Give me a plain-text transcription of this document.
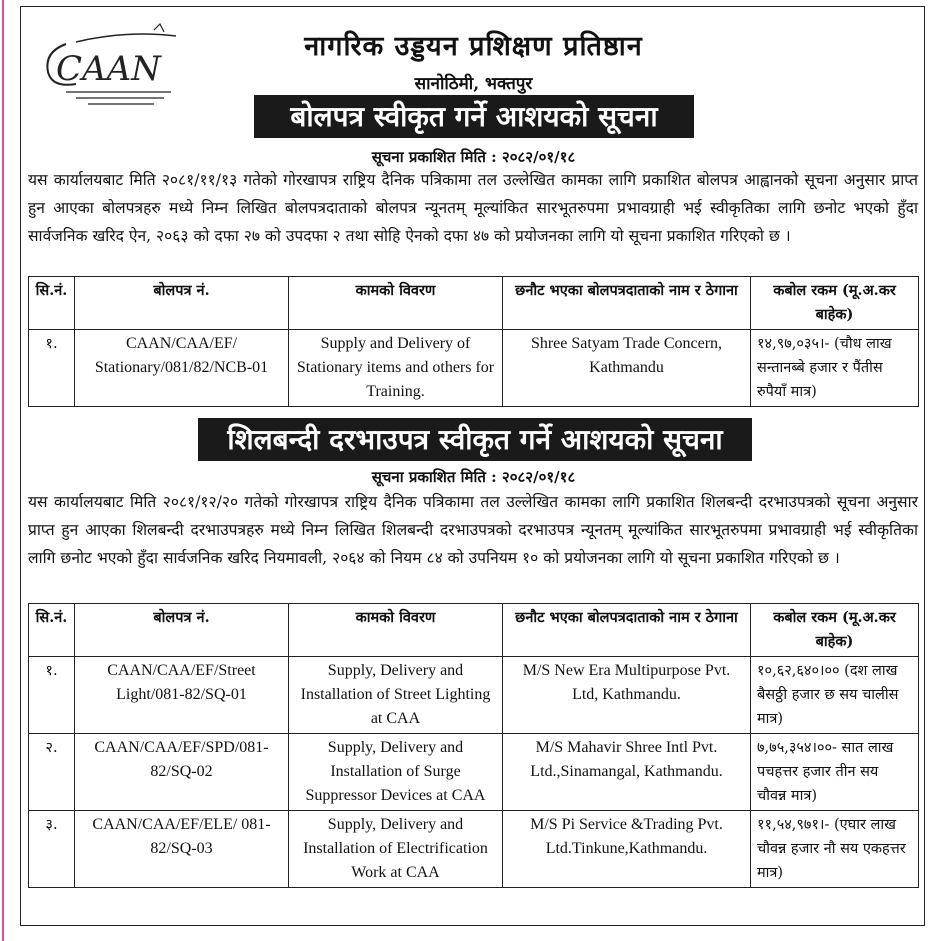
CAAN
नागरिक उड्डयन प्रशिक्षण प्रतिष्ठान
सानोठिमी, भक्तपुर
बोलपत्र स्वीकृत गर्ने आशयको सूचना
सूचना प्रकाशित मिति : २०८२/०१/१८
यस कार्यालयबाट मिति २०८१/११/१३ गतेको गोरखापत्र राष्ट्रिय दैनिक पत्रिकामा तल उल्लेखित कामका लागि प्रकाशित बोलपत्र आह्वानको सूचना अनुसार प्राप्त हुन आएका बोलपत्रहरु मध्ये निम्न लिखित बोलपत्रदाताको बोलपत्र न्यूनतम् मूल्यांकित सारभूतरुपमा प्रभावग्राही भई स्वीकृतिका लागि छनोट भएको हुँदा सार्वजनिक खरिद ऐन, २०६३ को दफा २७ को उपदफा २ तथा सोहि ऐनको दफा ४७ को प्रयोजनका लागि यो सूचना प्रकाशित गरिएको छ ।
सि.नं.	बोलपत्र नं.	कामको विवरण	छनौट भएका बोलपत्रदाताको नाम र ठेगाना	कबोल रकम (मू.अ.कर बाहेक)
१.	CAAN/CAA/EF/ Stationary/081/82/NCB-01	Supply and Delivery of Stationary items and others for Training.	Shree Satyam Trade Concern, Kathmandu	१४,९७,०३५।- (चौध लाख सन्तानब्बे हजार र पैंतीस रुपैयाँ मात्र)
शिलबन्दी दरभाउपत्र स्वीकृत गर्ने आशयको सूचना
सूचना प्रकाशित मिति : २०८२/०१/१८
यस कार्यालयबाट मिति २०८१/१२/२० गतेको गोरखापत्र राष्ट्रिय दैनिक पत्रिकामा तल उल्लेखित कामका लागि प्रकाशित शिलबन्दी दरभाउपत्रको सूचना अनुसार प्राप्त हुन आएका शिलबन्दी दरभाउपत्रहरु मध्ये निम्न लिखित शिलबन्दी दरभाउपत्रको दरभाउपत्र न्यूनतम् मूल्यांकित सारभूतरुपमा प्रभावग्राही भई स्वीकृतिका लागि छनोट भएको हुँदा सार्वजनिक खरिद नियमावली, २०६४ को नियम ८४ को उपनियम १० को प्रयोजनका लागि यो सूचना प्रकाशित गरिएको छ ।
सि.नं.	बोलपत्र नं.	कामको विवरण	छनौट भएका बोलपत्रदाताको नाम र ठेगाना	कबोल रकम (मू.अ.कर बाहेक)
१.	CAAN/CAA/EF/Street Light/081-82/SQ-01	Supply, Delivery and Installation of Street Lighting at CAA	M/S New Era Multipurpose Pvt. Ltd, Kathmandu.	१०,६२,६४०।०० (दश लाख बैसठ्ठी हजार छ सय चालीस मात्र)
२.	CAAN/CAA/EF/SPD/081-82/SQ-02	Supply, Delivery and Installation of Surge Suppressor Devices at CAA	M/S Mahavir Shree Intl Pvt. Ltd.,Sinamangal, Kathmandu.	७,७५,३५४।००- सात लाख पचहत्तर हजार तीन सय चौवन्न मात्र)
३.	CAAN/CAA/EF/ELE/ 081-82/SQ-03	Supply, Delivery and Installation of Electrification Work at CAA	M/S Pi Service &Trading Pvt. Ltd.Tinkune,Kathmandu.	११,५४,९७१।- (एघार लाख चौवन्न हजार नौ सय एकहत्तर मात्र)
